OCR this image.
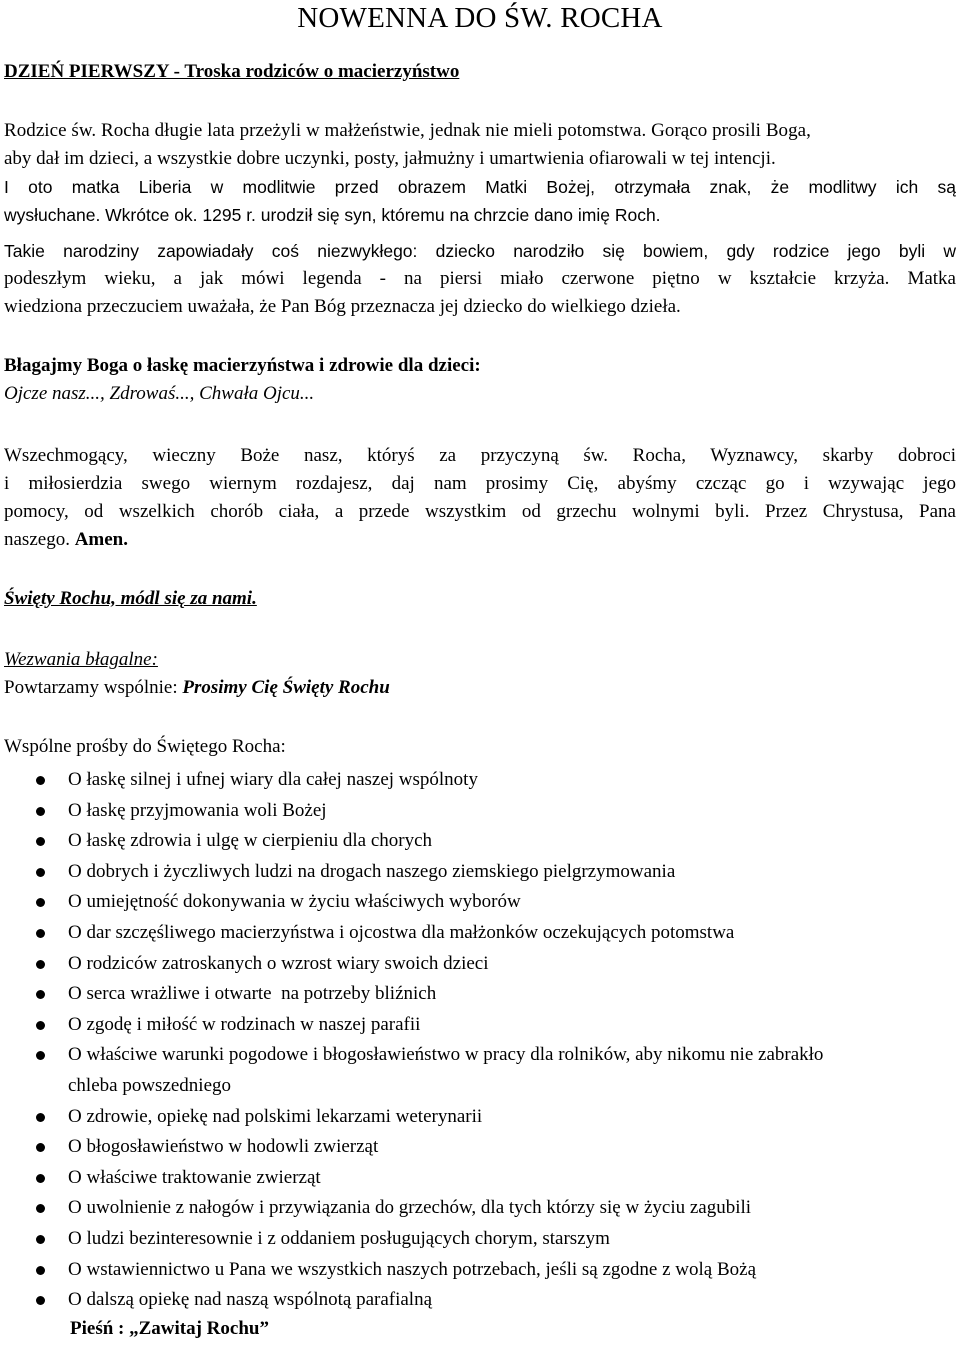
NOWENNA DO ŚW. ROCHA
DZIEŃ PIERWSZY - Troska rodziców o macierzyństwo

Rodzice św. Rocha długie lata przeżyli w małżeństwie, jednak nie mieli potomstwa. Gorąco prosili Boga,
aby dał im dzieci, a wszystkie dobre uczynki, posty, jałmużny i umartwienia ofiarowali w tej intencji.
I oto matka Liberia w modlitwie przed obrazem Matki Bożej, otrzymała znak, że modlitwy ich są
wysłuchane. Wkrótce ok. 1295 r. urodził się syn, któremu na chrzcie dano imię Roch.

Takie narodziny zapowiadały coś niezwykłego: dziecko narodziło się bowiem, gdy rodzice jego byli w
podeszłym wieku, a jak mówi legenda - na piersi miało czerwone piętno w kształcie krzyża. Matka
wiedziona przeczuciem uważała, że Pan Bóg przeznacza jej dziecko do wielkiego dzieła.

Błagajmy Boga o łaskę macierzyństwa i zdrowie dla dzieci:

Ojcze nasz..., Zdrowaś..., Chwała Ojcu...

Wszechmogący, wieczny Boże nasz, któryś za przyczyną św. Rocha, Wyznawcy, skarby dobroci
i miłosierdzia swego wiernym rozdajesz, daj nam prosimy Cię, abyśmy czcząc go i wzywając jego
pomocy, od wszelkich chorób ciała, a przede wszystkim od grzechu wolnymi byli. Przez Chrystusa, Pana
naszego. Amen.

Święty Rochu, módl się za nami.

Wezwania błagalne:

Powtarzamy wspólnie: Prosimy Cię Święty Rochu

Wspólne prośby do Świętego Rocha:

O łaskę silnej i ufnej wiary dla całej naszej wspólnoty
O łaskę przyjmowania woli Bożej
O łaskę zdrowia i ulgę w cierpieniu dla chorych
O dobrych i życzliwych ludzi na drogach naszego ziemskiego pielgrzymowania
O umiejętność dokonywania w życiu właściwych wyborów
O dar szczęśliwego macierzyństwa i ojcostwa dla małżonków oczekujących potomstwa
O rodziców zatroskanych o wzrost wiary swoich dzieci
O serca wrażliwe i otwarte  na potrzeby bliźnich
O zgodę i miłość w rodzinach w naszej parafii
O właściwe warunki pogodowe i błogosławieństwo w pracy dla rolników, aby nikomu nie zabrakło
chleba powszedniego
O zdrowie, opiekę nad polskimi lekarzami weterynarii
O błogosławieństwo w hodowli zwierząt
O właściwe traktowanie zwierząt
O uwolnienie z nałogów i przywiązania do grzechów, dla tych którzy się w życiu zagubili
O ludzi bezinteresownie i z oddaniem posługujących chorym, starszym
O wstawiennictwo u Pana we wszystkich naszych potrzebach, jeśli są zgodne z wolą Bożą
O dalszą opiekę nad naszą wspólnotą parafialną

Pieśń : „Zawitaj Rochu”
